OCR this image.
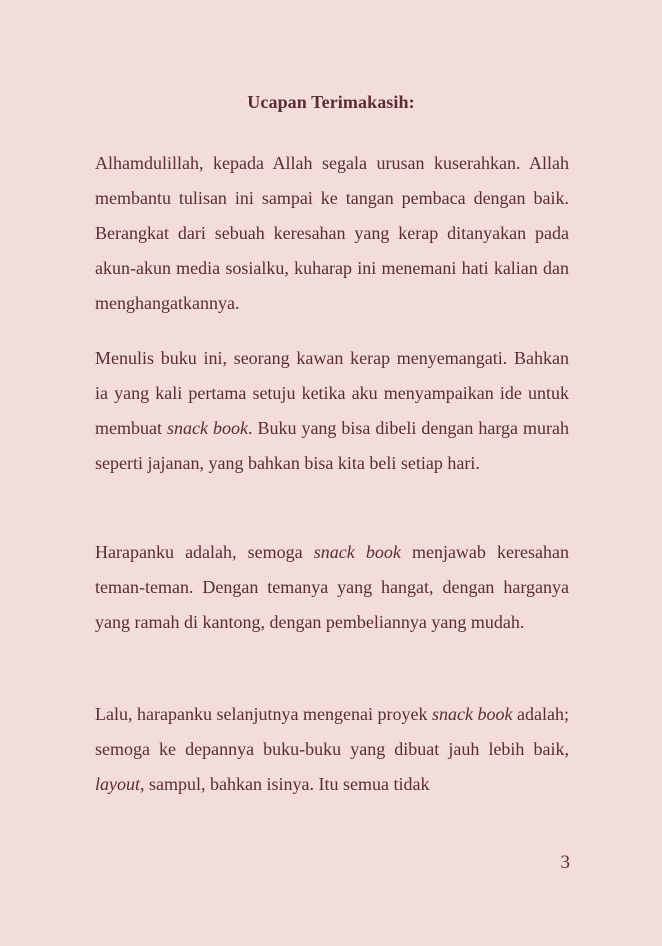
Ucapan Terimakasih:

Alhamdulillah, kepada Allah segala urusan kuserahkan. Allah membantu tulisan ini sampai ke tangan pembaca dengan baik. Berangkat dari sebuah keresahan yang kerap ditanyakan pada akun-akun media sosialku, kuharap ini menemani hati kalian dan menghangatkannya.

Menulis buku ini, seorang kawan kerap menyemangati. Bahkan ia yang kali pertama setuju ketika aku menyampaikan ide untuk membuat snack book. Buku yang bisa dibeli dengan harga murah seperti jajanan, yang bahkan bisa kita beli setiap hari.

Harapanku adalah, semoga snack book menjawab keresahan teman-teman. Dengan temanya yang hangat, dengan harganya yang ramah di kantong, dengan pembeliannya yang mudah.

Lalu, harapanku selanjutnya mengenai proyek snack book adalah; semoga ke depannya buku-buku yang dibuat jauh lebih baik, layout, sampul, bahkan isinya. Itu semua tidak

3
